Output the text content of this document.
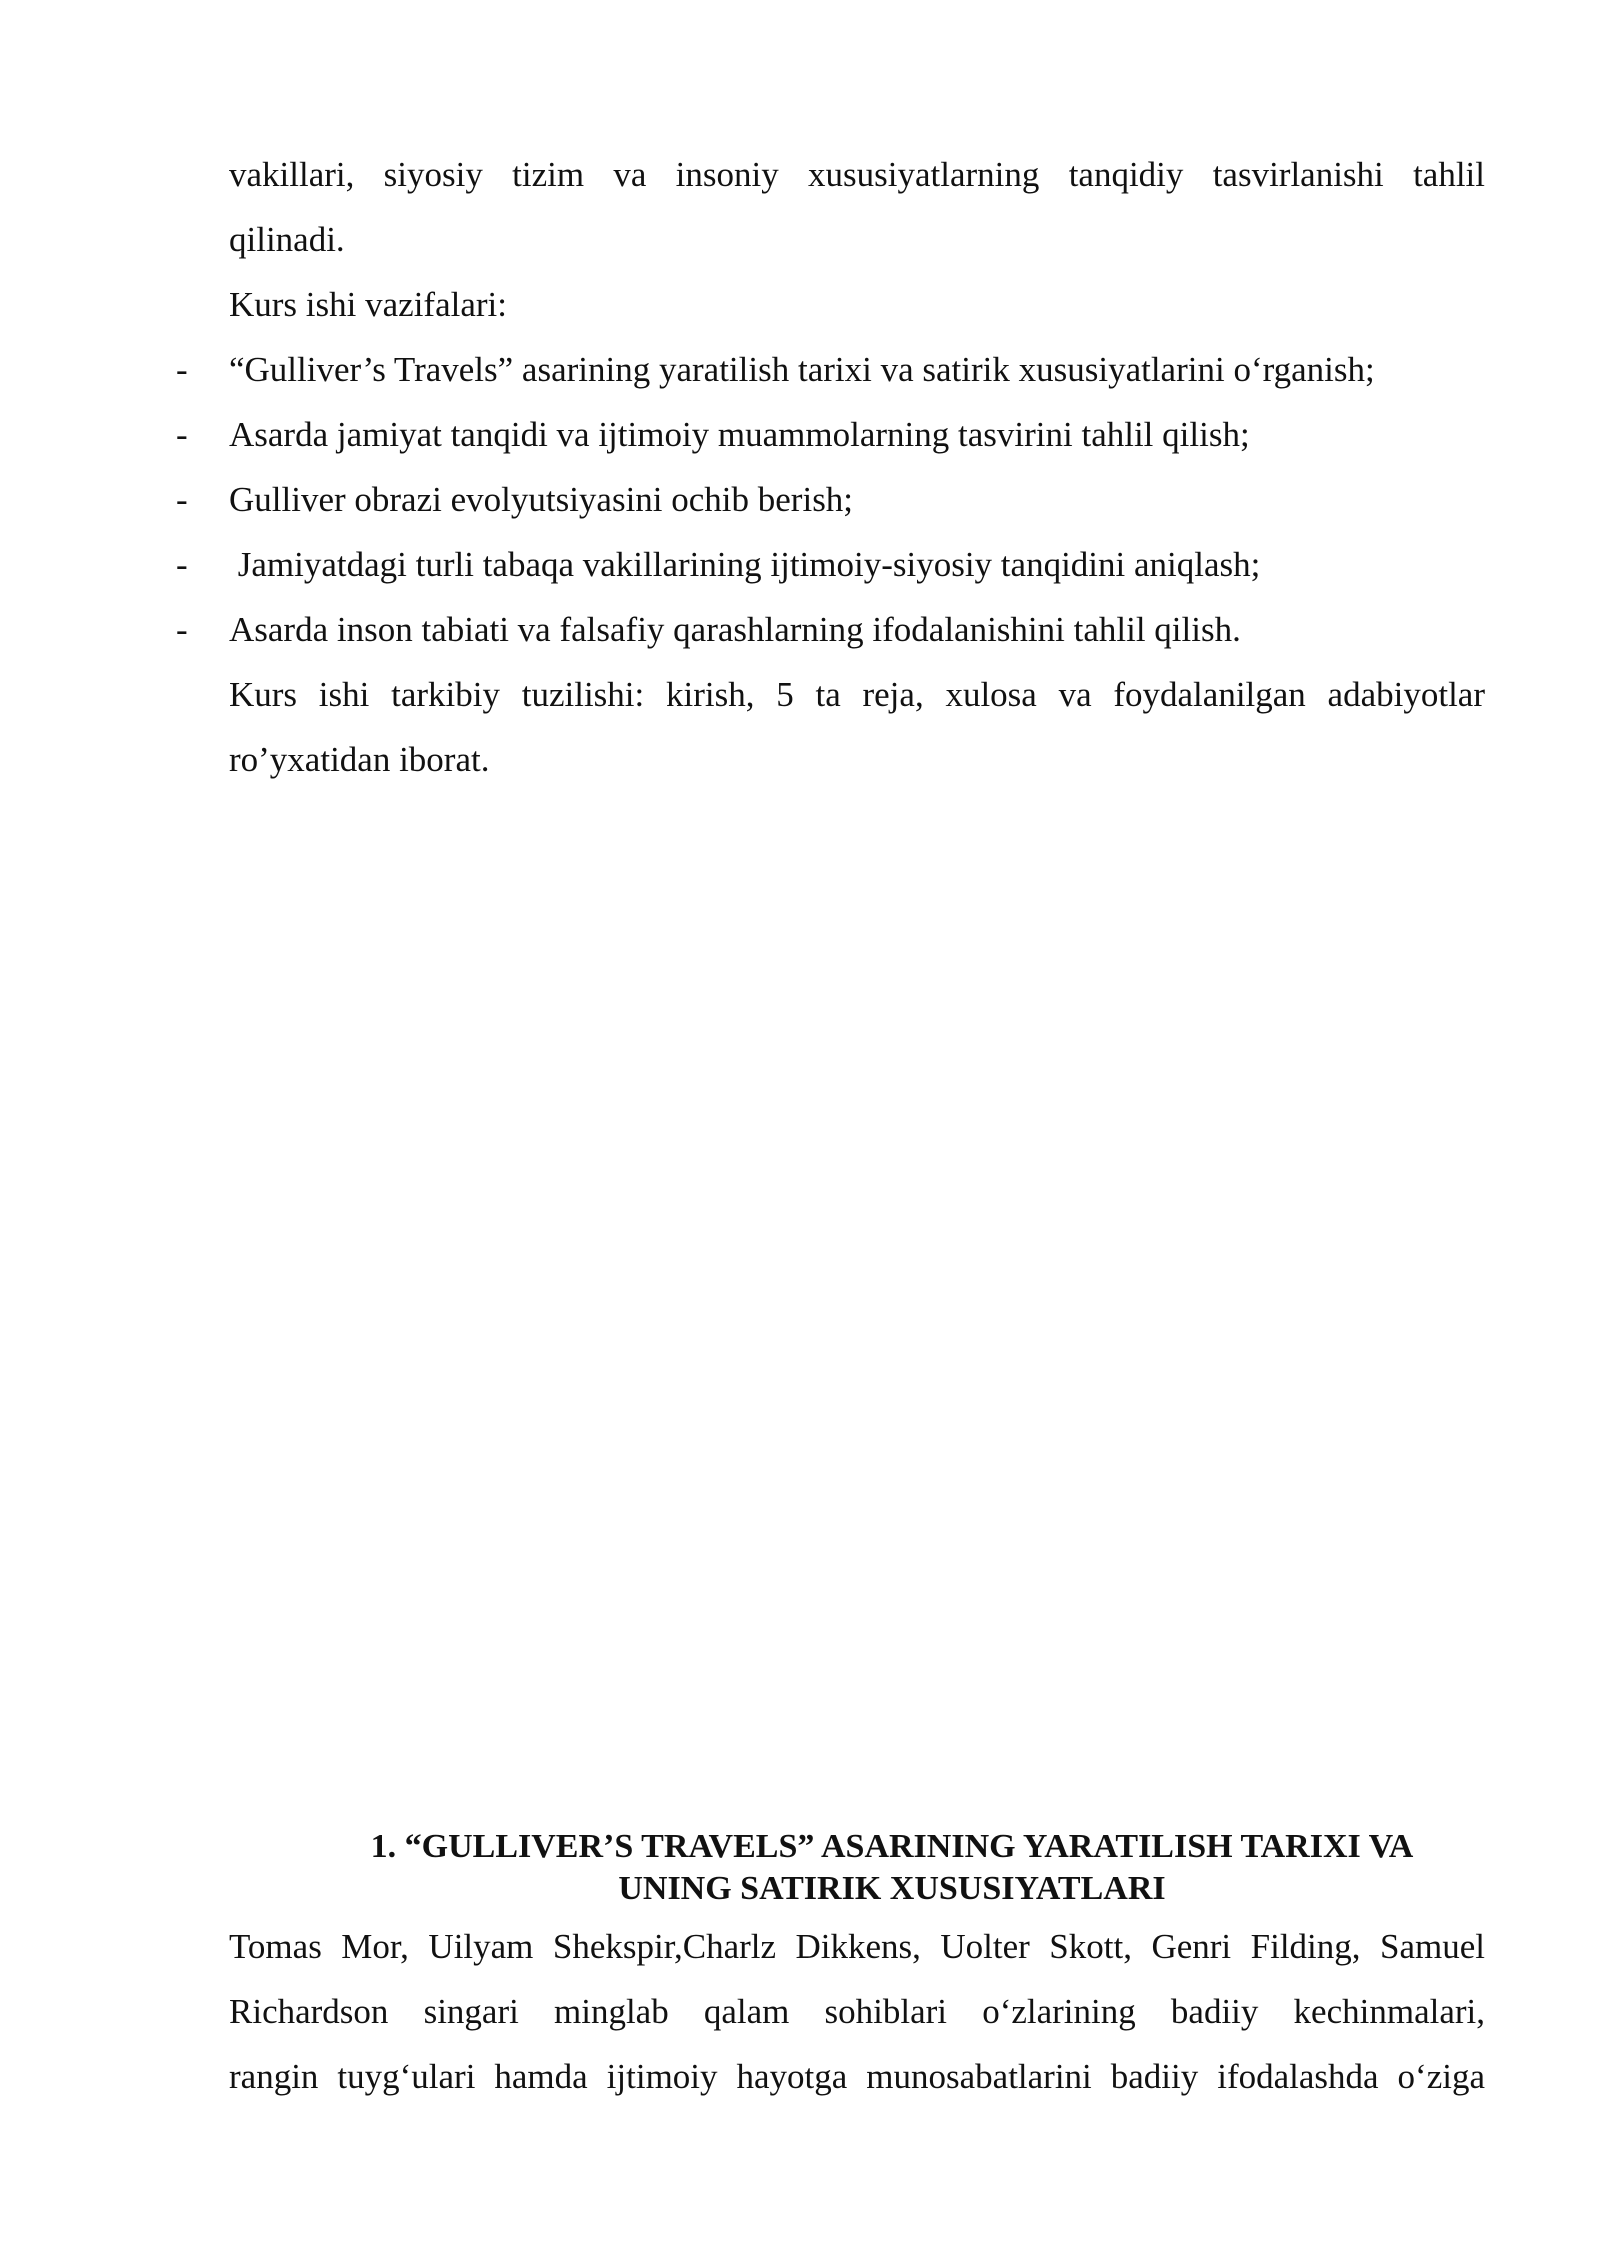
vakillari, siyosiy tizim va insoniy xususiyatlarning tanqidiy tasvirlanishi tahlil
qilinadi.
Kurs ishi vazifalari:
- “Gulliver’s Travels” asarining yaratilish tarixi va satirik xususiyatlarini o‘rganish;
- Asarda jamiyat tanqidi va ijtimoiy muammolarning tasvirini tahlil qilish;
- Gulliver obrazi evolyutsiyasini ochib berish;
- Jamiyatdagi turli tabaqa vakillarining ijtimoiy-siyosiy tanqidini aniqlash;
- Asarda inson tabiati va falsafiy qarashlarning ifodalanishini tahlil qilish.
Kurs ishi tarkibiy tuzilishi: kirish, 5 ta reja, xulosa va foydalanilgan adabiyotlar
ro’yxatidan iborat.
1. “GULLIVER’S TRAVELS” ASARINING YARATILISH TARIXI VA
UNING SATIRIK XUSUSIYATLARI
Tomas Mor, Uilyam Shekspir,Charlz Dikkens, Uolter Skott, Genri Filding, Samuel
Richardson singari minglab qalam sohiblari o‘zlarining badiiy kechinmalari,
rangin tuyg‘ulari hamda ijtimoiy hayotga munosabatlarini badiiy ifodalashda o‘ziga
